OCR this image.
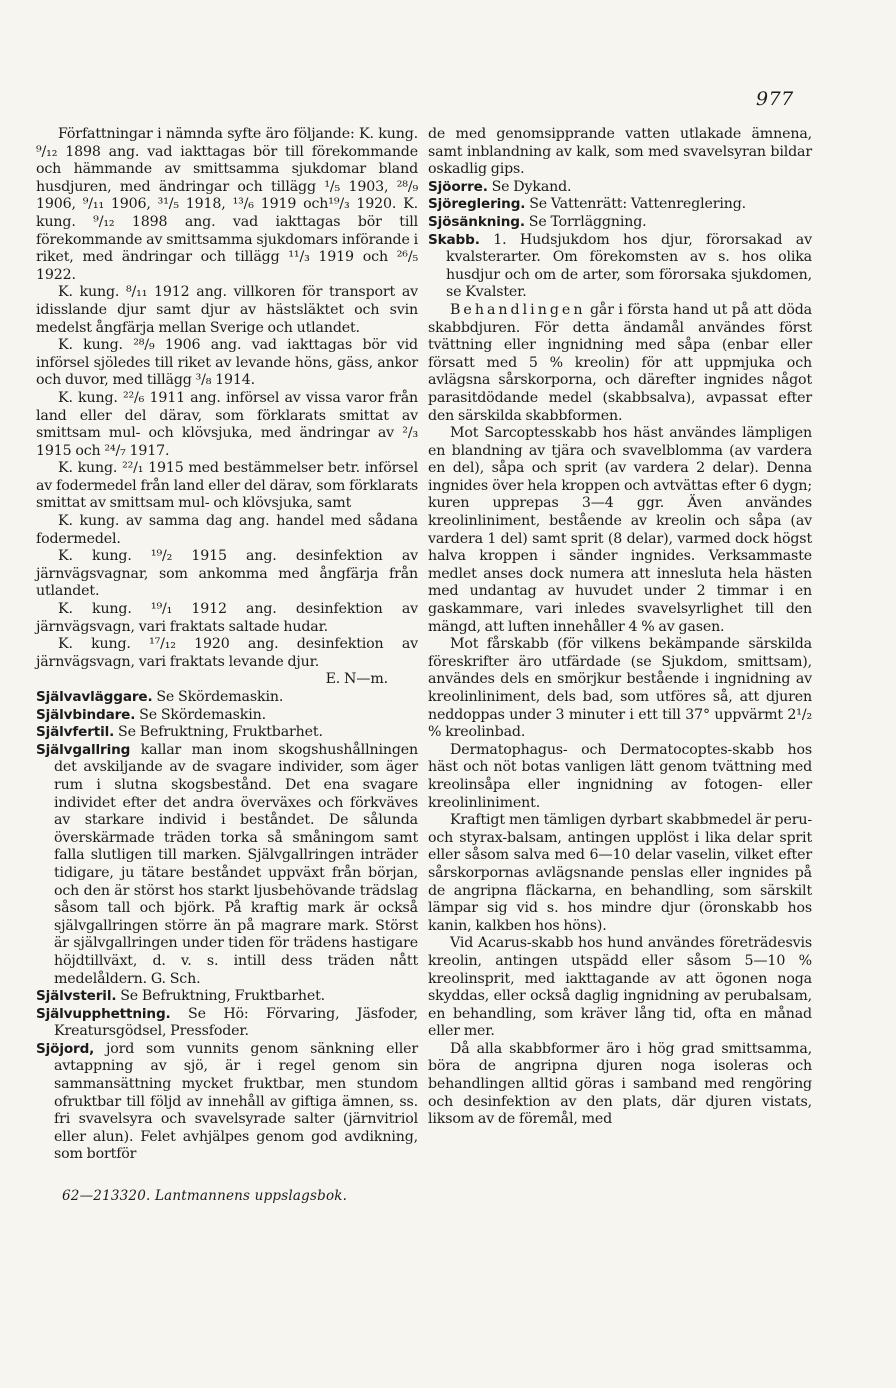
977

Författningar i nämnda syfte äro följande: K. kung. ⁹/₁₂ 1898 ang. vad iakttagas bör till förekommande och hämmande av smittsamma sjukdomar bland husdjuren, med ändringar och tillägg ¹/₅ 1903, ²⁸/₉ 1906, ⁹/₁₁ 1906, ³¹/₅ 1918, ¹³/₆ 1919 och¹⁹/₃ 1920. K. kung. ⁹/₁₂ 1898 ang. vad iakttagas bör till förekommande av smittsamma sjukdomars införande i riket, med ändringar och tillägg ¹¹/₃ 1919 och ²⁶/₅ 1922.

K. kung. ⁸/₁₁ 1912 ang. villkoren för transport av idisslande djur samt djur av hästsläktet och svin medelst ångfärja mellan Sverige och utlandet.

K. kung. ²⁸/₉ 1906 ang. vad iakttagas bör vid införsel sjöledes till riket av levande höns, gäss, ankor och duvor, med tillägg ³/₈ 1914.

K. kung. ²²/₆ 1911 ang. införsel av vissa varor från land eller del därav, som förklarats smittat av smittsam mul- och klövsjuka, med ändringar av ²/₃ 1915 och ²⁴/₇ 1917.

K. kung. ²²/₁ 1915 med bestämmelser betr. införsel av fodermedel från land eller del därav, som förklarats smittat av smittsam mul- och klövsjuka, samt

K. kung. av samma dag ang. handel med sådana fodermedel.

K. kung. ¹⁹/₂ 1915 ang. desinfektion av järnvägsvagnar, som ankomma med ångfärja från utlandet.

K. kung. ¹⁹/₁ 1912 ang. desinfektion av järnvägsvagn, vari fraktats saltade hudar.

K. kung. ¹⁷/₁₂ 1920 ang. desinfektion av järnvägsvagn, vari fraktats levande djur.

E. N—m.

Självavläggare. Se Skördemaskin.

Självbindare. Se Skördemaskin.

Självfertil. Se Befruktning, Fruktbarhet.

Självgallring kallar man inom skogshushållningen det avskiljande av de svagare individer, som äger rum i slutna skogsbestånd. Det ena svagare individet efter det andra överväxes och förkväves av starkare individ i beståndet. De sålunda överskärmade träden torka så småningom samt falla slutligen till marken. Självgallringen inträder tidigare, ju tätare beståndet uppväxt från början, och den är störst hos starkt ljusbehövande trädslag såsom tall och björk. På kraftig mark är också självgallringen större än på magrare mark. Störst är självgallringen under tiden för trädens hastigare höjdtillväxt, d. v. s. intill dess träden nått medelåldern. G. Sch.

Självsteril. Se Befruktning, Fruktbarhet.

Självupphettning. Se Hö: Förvaring, Jäsfoder, Kreatursgödsel, Pressfoder.

Sjöjord, jord som vunnits genom sänkning eller avtappning av sjö, är i regel genom sin sammansättning mycket fruktbar, men stundom ofruktbar till följd av innehåll av giftiga ämnen, ss. fri svavelsyra och svavelsyrade salter (järnvitriol eller alun). Felet avhjälpes genom god avdikning, som bortför

de med genomsipprande vatten utlakade ämnena, samt inblandning av kalk, som med svavelsyran bildar oskadlig gips.

Sjöorre. Se Dykand.

Sjöreglering. Se Vattenrätt: Vattenreglering.

Sjösänkning. Se Torrläggning.

Skabb. 1. Hudsjukdom hos djur, förorsakad av kvalsterarter. Om förekomsten av s. hos olika husdjur och om de arter, som förorsaka sjukdomen, se Kvalster.

Behandlingen går i första hand ut på att döda skabbdjuren. För detta ändamål användes först tvättning eller ingnidning med såpa (enbar eller försatt med 5 % kreolin) för att uppmjuka och avlägsna sårskorporna, och därefter ingnides något parasitdödande medel (skabbsalva), avpassat efter den särskilda skabbformen.

Mot Sarcoptesskabb hos häst användes lämpligen en blandning av tjära och svavelblomma (av vardera en del), såpa och sprit (av vardera 2 delar). Denna ingnides över hela kroppen och avtvättas efter 6 dygn; kuren upprepas 3—4 ggr. Även användes kreolinliniment, bestående av kreolin och såpa (av vardera 1 del) samt sprit (8 delar), varmed dock högst halva kroppen i sänder ingnides. Verksammaste medlet anses dock numera att innesluta hela hästen med undantag av huvudet under 2 timmar i en gaskammare, vari inledes svavelsyrlighet till den mängd, att luften innehåller 4 % av gasen.

Mot fårskabb (för vilkens bekämpande särskilda föreskrifter äro utfärdade (se Sjukdom, smittsam), användes dels en smörjkur bestående i ingnidning av kreolinliniment, dels bad, som utföres så, att djuren neddoppas under 3 minuter i ett till 37° uppvärmt 2¹/₂ % kreolinbad.

Dermatophagus- och Dermatocoptes-skabb hos häst och nöt botas vanligen lätt genom tvättning med kreolinsåpa eller ingnidning av fotogen- eller kreolinliniment.

Kraftigt men tämligen dyrbart skabbmedel är peru- och styrax-balsam, antingen upplöst i lika delar sprit eller såsom salva med 6—10 delar vaselin, vilket efter sårskorpornas avlägsnande penslas eller ingnides på de angripna fläckarna, en behandling, som särskilt lämpar sig vid s. hos mindre djur (öronskabb hos kanin, kalkben hos höns).

Vid Acarus-skabb hos hund användes företrädesvis kreolin, antingen utspädd eller såsom 5—10 % kreolinsprit, med iakttagande av att ögonen noga skyddas, eller också daglig ingnidning av perubalsam, en behandling, som kräver lång tid, ofta en månad eller mer.

Då alla skabbformer äro i hög grad smittsamma, böra de angripna djuren noga isoleras och behandlingen alltid göras i samband med rengöring och desinfektion av den plats, där djuren vistats, liksom av de föremål, med

62—213320. Lantmannens uppslagsbok.
